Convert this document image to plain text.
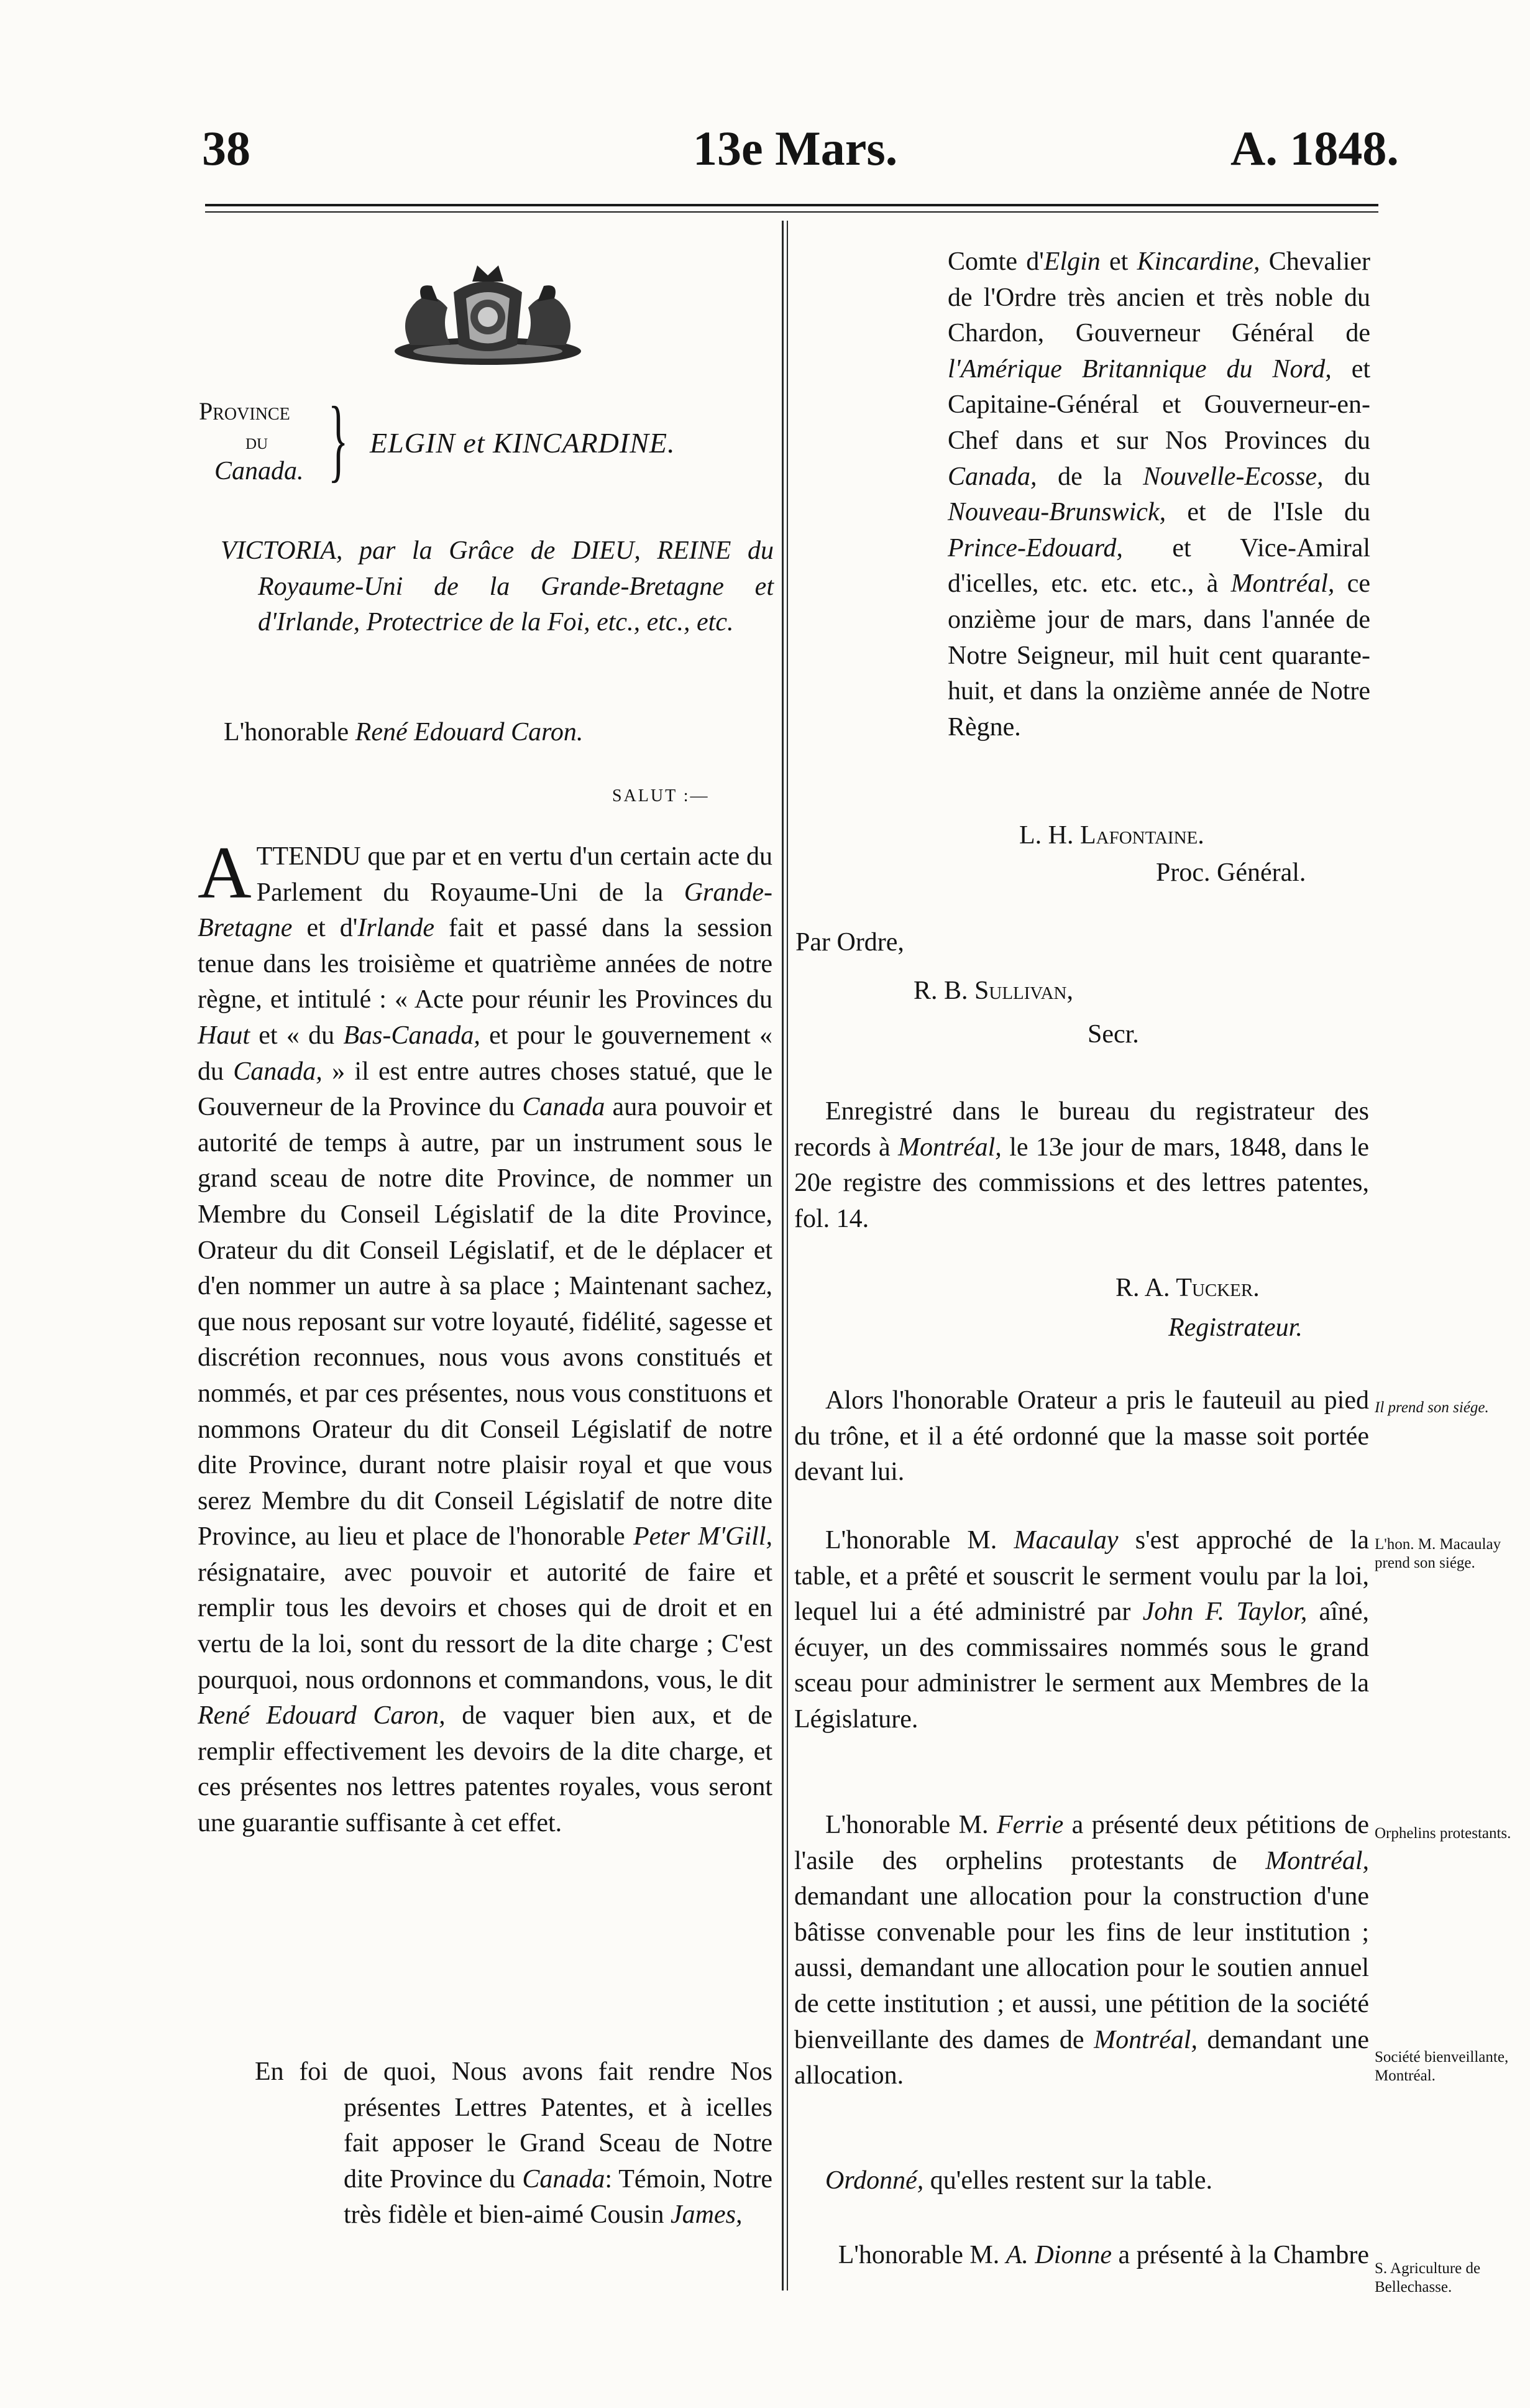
38	13e Mars.	A. 1848.
Province
du
Canada. } ELGIN et KINCARDINE.
VICTORIA, par la Grâce de DIEU, REINE du Royaume-Uni de la Grande-Bretagne et d'Irlande, Protectrice de la Foi, etc., etc., etc.
L'honorable René Edouard Caron.
SALUT :—

A TTENDU que par et en vertu d'un certain acte du Parlement du Royaume-Uni de la Grande-Bretagne et d'Irlande fait et passé dans la session tenue dans les troisième et quatrième années de notre règne, et intitulé : « Acte pour réunir les Provinces du Haut et « du Bas-Canada, et pour le gouvernement « du Canada, » il est entre autres choses statué, que le Gouverneur de la Province du Canada aura pouvoir et autorité de temps à autre, par un instrument sous le grand sceau de notre dite Province, de nommer un Membre du Conseil Législatif de la dite Province, Orateur du dit Conseil Législatif, et de le déplacer et d'en nommer un autre à sa place ; Maintenant sachez, que nous reposant sur votre loyauté, fidélité, sagesse et discrétion reconnues, nous vous avons constitués et nommés, et par ces présentes, nous vous constituons et nommons Orateur du dit Conseil Législatif de notre dite Province, durant notre plaisir royal et que vous serez Membre du dit Conseil Législatif de notre dite Province, au lieu et place de l'honorable Peter M'Gill, résignataire, avec pouvoir et autorité de faire et remplir tous les devoirs et choses qui de droit et en vertu de la loi, sont du ressort de la dite charge ; C'est pourquoi, nous ordonnons et commandons, vous, le dit René Edouard Caron, de vaquer bien aux, et de remplir effectivement les devoirs de la dite charge, et ces présentes nos lettres patentes royales, vous seront une guarantie suffisante à cet effet.

En foi de quoi, Nous avons fait rendre Nos présentes Lettres Patentes, et à icelles fait apposer le Grand Sceau de Notre dite Province du Canada: Témoin, Notre très fidèle et bien-aimé Cousin James,

Comte d'Elgin et Kincardine, Chevalier de l'Ordre très ancien et très noble du Chardon, Gouverneur Général de l'Amérique Britannique du Nord, et Capitaine-Général et Gouverneur-en-Chef dans et sur Nos Provinces du Canada, de la Nouvelle-Ecosse, du Nouveau-Brunswick, et de l'Isle du Prince-Edouard, et Vice-Amiral d'icelles, etc. etc. etc., à Montréal, ce onzième jour de mars, dans l'année de Notre Seigneur, mil huit cent quarante-huit, et dans la onzième année de Notre Règne.

L. H. Lafontaine.
Proc. Général.
Par Ordre,
R. B. Sullivan,
Secr.

Enregistré dans le bureau du registrateur des records à Montréal, le 13e jour de mars, 1848, dans le 20e registre des commissions et des lettres patentes, fol. 14.

R. A. Tucker.
Registrateur.

Alors l'honorable Orateur a pris le fauteuil au pied du trône, et il a été ordonné que la masse soit portée devant lui.

L'honorable M. Macaulay s'est approché de la table, et a prêté et souscrit le serment voulu par la loi, lequel lui a été administré par John F. Taylor, aîné, écuyer, un des commissaires nommés sous le grand sceau pour administrer le serment aux Membres de la Législature.

L'honorable M. Ferrie a présenté deux pétitions de l'asile des orphelins protestants de Montréal, demandant une allocation pour la construction d'une bâtisse convenable pour les fins de leur institution ; aussi, demandant une allocation pour le soutien annuel de cette institution ; et aussi, une pétition de la société bienveillante des dames de Montréal, demandant une allocation.

Ordonné, qu'elles restent sur la table.

L'honorable M. A. Dionne a présenté à la Chambre

Il prend son siége.
L'hon. M. Macaulay prend son siége.
Orphelins protestants.
Société bienveillante, Montréal.
S. Agriculture de Bellechasse.
